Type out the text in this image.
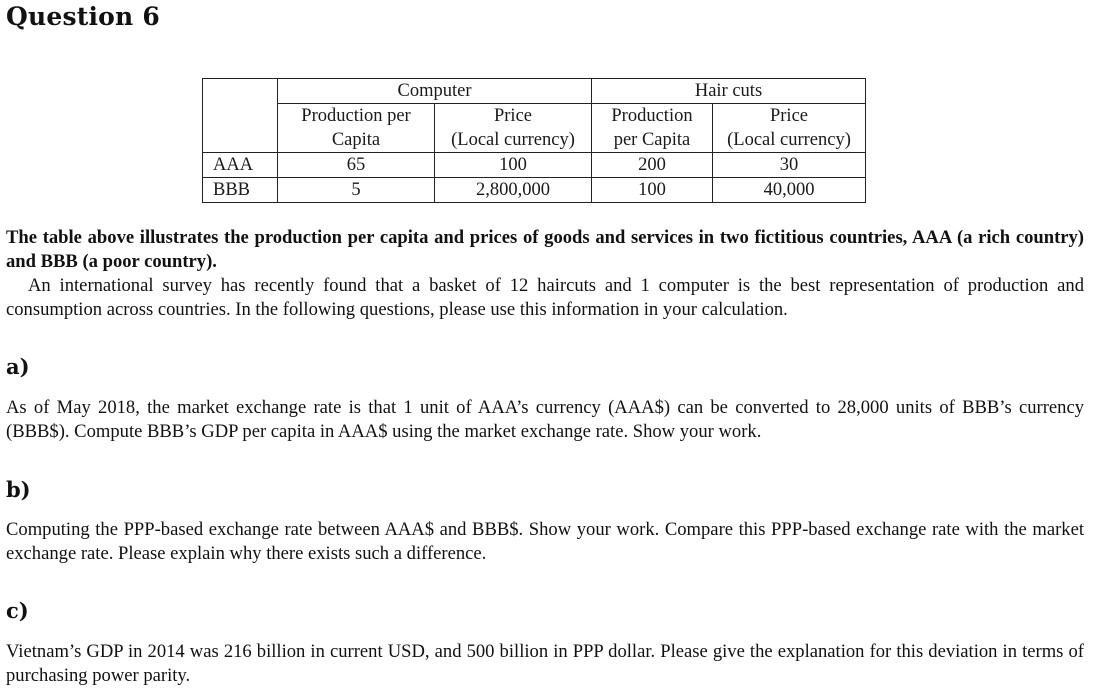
Question 6
	Computer		Hair cuts	
	Production per	Price	Production	Price
	Capita	(Local currency)	per Capita	(Local currency)
AAA	65	100	200	30
BBB	5	2,800,000	100	40,000

The table above illustrates the production per capita and prices of goods and services in two fictitious countries, AAA (a rich country) and BBB (a poor country).

An international survey has recently found that a basket of 12 haircuts and 1 computer is the best representation of production and consumption across countries. In the following questions, please use this information in your calculation.

a)

As of May 2018, the market exchange rate is that 1 unit of AAA’s currency (AAA$) can be converted to 28,000 units of BBB’s currency (BBB$). Compute BBB’s GDP per capita in AAA$ using the market exchange rate. Show your work.

b)

Computing the PPP-based exchange rate between AAA$ and BBB$. Show your work. Compare this PPP-based exchange rate with the market exchange rate. Please explain why there exists such a difference.

c)

Vietnam’s GDP in 2014 was 216 billion in current USD, and 500 billion in PPP dollar. Please give the explanation for this deviation in terms of purchasing power parity.
